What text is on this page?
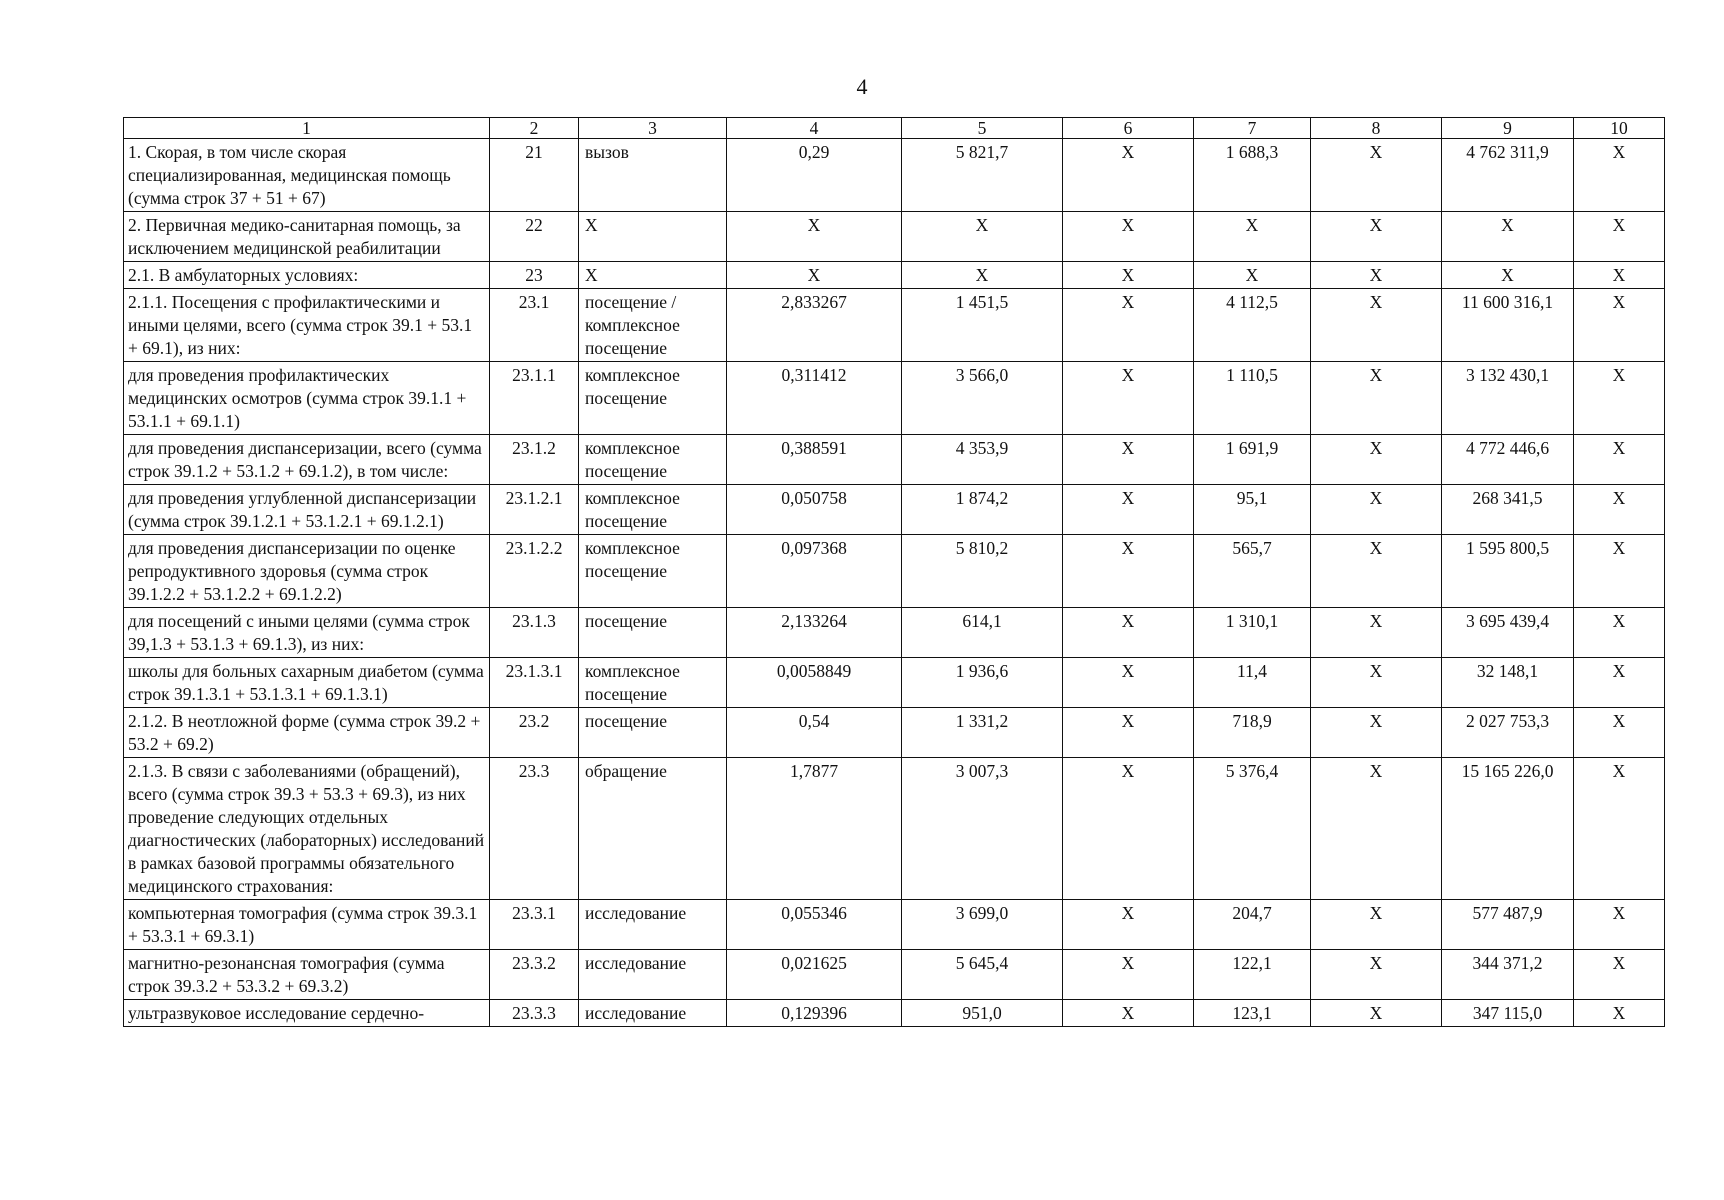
4
1	2	3	4	5	6	7	8	9	10
1. Скорая, в том числе скорая специализированная, медицинская помощь (сумма строк 37 + 51 + 67)	21	вызов	0,29	5 821,7	X	1 688,3	X	4 762 311,9	X
2. Первичная медико-санитарная помощь, за исключением медицинской реабилитации	22	X	X	X	X	X	X	X	X
2.1. В амбулаторных условиях:	23	X	X	X	X	X	X	X	X
2.1.1. Посещения с профилактическими и иными целями, всего (сумма строк 39.1 + 53.1 + 69.1), из них:	23.1	посещение / комплексное посещение	2,833267	1 451,5	X	4 112,5	X	11 600 316,1	X
для проведения профилактических медицинских осмотров (сумма строк 39.1.1 + 53.1.1 + 69.1.1)	23.1.1	комплексное посещение	0,311412	3 566,0	X	1 110,5	X	3 132 430,1	X
для проведения диспансеризации, всего (сумма строк 39.1.2 + 53.1.2 + 69.1.2), в том числе:	23.1.2	комплексное посещение	0,388591	4 353,9	X	1 691,9	X	4 772 446,6	X
для проведения углубленной диспансеризации (сумма строк 39.1.2.1 + 53.1.2.1 + 69.1.2.1)	23.1.2.1	комплексное посещение	0,050758	1 874,2	X	95,1	X	268 341,5	X
для проведения диспансеризации по оценке репродуктивного здоровья (сумма строк 39.1.2.2 + 53.1.2.2 + 69.1.2.2)	23.1.2.2	комплексное посещение	0,097368	5 810,2	X	565,7	X	1 595 800,5	X
для посещений с иными целями (сумма строк 39,1.3 + 53.1.3 + 69.1.3), из них:	23.1.3	посещение	2,133264	614,1	X	1 310,1	X	3 695 439,4	X
школы для больных сахарным диабетом (сумма строк 39.1.3.1 + 53.1.3.1 + 69.1.3.1)	23.1.3.1	комплексное посещение	0,0058849	1 936,6	X	11,4	X	32 148,1	X
2.1.2. В неотложной форме (сумма строк 39.2 + 53.2 + 69.2)	23.2	посещение	0,54	1 331,2	X	718,9	X	2 027 753,3	X
2.1.3. В связи с заболеваниями (обращений), всего (сумма строк 39.3 + 53.3 + 69.3), из них проведение следующих отдельных диагностических (лабораторных) исследований в рамках базовой программы обязательного медицинского страхования:	23.3	обращение	1,7877	3 007,3	X	5 376,4	X	15 165 226,0	X
компьютерная томография (сумма строк 39.3.1 + 53.3.1 + 69.3.1)	23.3.1	исследование	0,055346	3 699,0	X	204,7	X	577 487,9	X
магнитно-резонансная томография (сумма строк 39.3.2 + 53.3.2 + 69.3.2)	23.3.2	исследование	0,021625	5 645,4	X	122,1	X	344 371,2	X
ультразвуковое исследование сердечно-	23.3.3	исследование	0,129396	951,0	X	123,1	X	347 115,0	X
